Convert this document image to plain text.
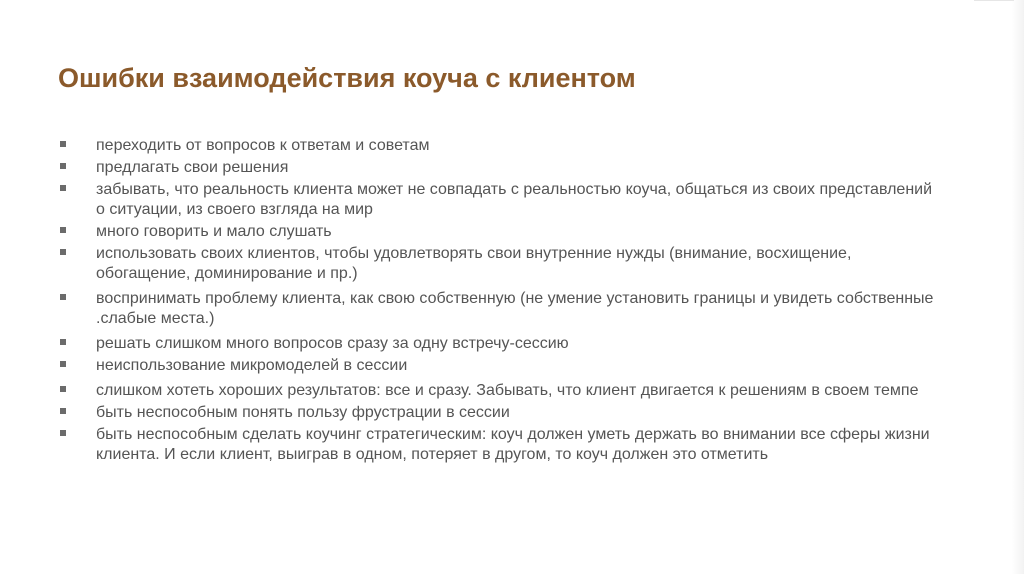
Ошибки взаимодействия коуча с клиентом
переходить от вопросов к ответам и советам
предлагать свои решения
забывать, что реальность клиента может не совпадать с реальностью коуча, общаться из своих представлений о ситуации, из своего взгляда на мир
много говорить и мало слушать
использовать своих клиентов, чтобы удовлетворять свои внутренние нужды (внимание, восхищение, обогащение, доминирование и пр.)
воспринимать проблему клиента, как свою собственную (не умение установить границы и увидеть собственные .слабые места.)
решать слишком много вопросов сразу за одну встречу-сессию
неиспользование микромоделей в сессии
слишком хотеть хороших результатов: все и сразу. Забывать, что клиент двигается к решениям в своем темпе
быть неспособным понять пользу фрустрации в сессии
быть неспособным сделать коучинг стратегическим: коуч должен уметь держать во внимании все сферы жизни клиента. И если клиент, выиграв в одном, потеряет в другом, то коуч должен это отметить
